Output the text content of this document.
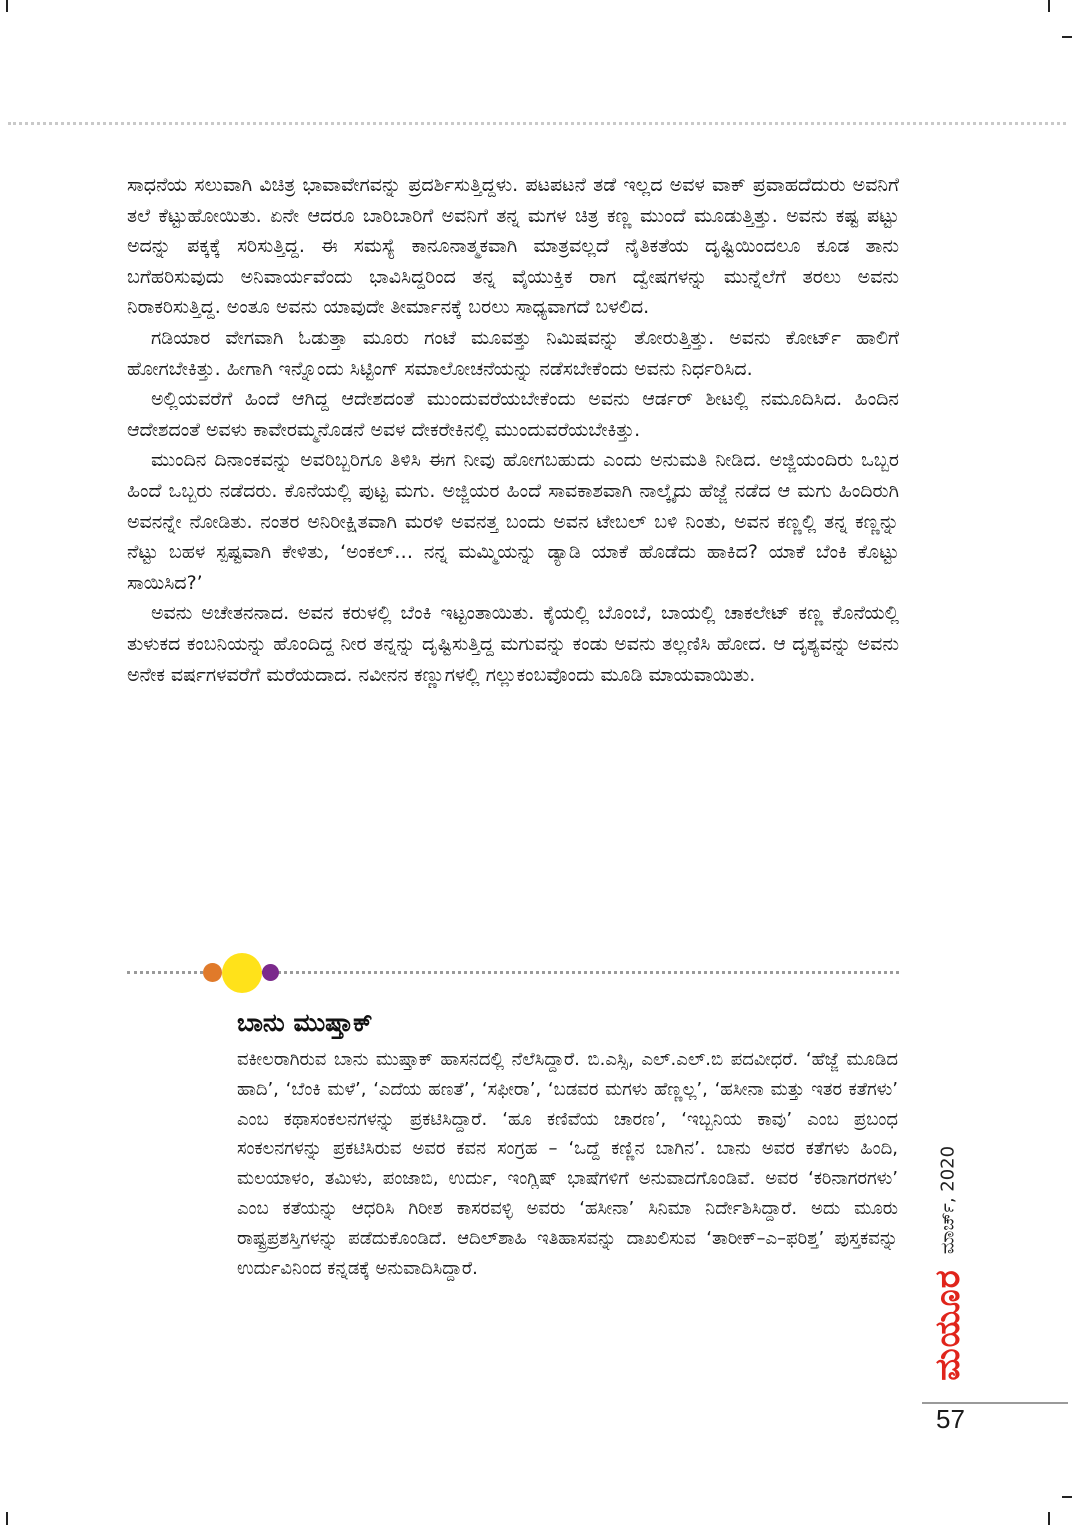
ಸಾಧನೆಯ ಸಲುವಾಗಿ ವಿಚಿತ್ರ ಭಾವಾವೇಗವನ್ನು ಪ್ರದರ್ಶಿಸುತ್ತಿದ್ದಳು. ಪಟಪಟನೆ ತಡೆ ಇಲ್ಲದ ಅವಳ ವಾಕ್ ಪ್ರವಾಹದೆದುರು ಅವನಿಗೆ ತಲೆ ಕೆಟ್ಟುಹೋಯಿತು. ಏನೇ ಆದರೂ ಬಾರಿಬಾರಿಗೆ ಅವನಿಗೆ ತನ್ನ ಮಗಳ ಚಿತ್ರ ಕಣ್ಣ ಮುಂದೆ ಮೂಡುತ್ತಿತ್ತು. ಅವನು ಕಷ್ಟ ಪಟ್ಟು ಅದನ್ನು ಪಕ್ಕಕ್ಕೆ ಸರಿಸುತ್ತಿದ್ದ. ಈ ಸಮಸ್ಯೆ ಕಾನೂನಾತ್ಮಕವಾಗಿ ಮಾತ್ರವಲ್ಲದೆ ನೈತಿಕತೆಯ ದೃಷ್ಟಿಯಿಂದಲೂ ಕೂಡ ತಾನು ಬಗೆಹರಿಸುವುದು ಅನಿವಾರ್ಯವೆಂದು ಭಾವಿಸಿದ್ದರಿಂದ ತನ್ನ ವೈಯುಕ್ತಿಕ ರಾಗ ದ್ವೇಷಗಳನ್ನು ಮುನ್ನೆಲೆಗೆ ತರಲು ಅವನು ನಿರಾಕರಿಸುತ್ತಿದ್ದ. ಅಂತೂ ಅವನು ಯಾವುದೇ ತೀರ್ಮಾನಕ್ಕೆ ಬರಲು ಸಾಧ್ಯವಾಗದೆ ಬಳಲಿದ.

ಗಡಿಯಾರ ವೇಗವಾಗಿ ಓಡುತ್ತಾ ಮೂರು ಗಂಟೆ ಮೂವತ್ತು ನಿಮಿಷವನ್ನು ತೋರುತ್ತಿತ್ತು. ಅವನು ಕೋರ್ಟ್ ಹಾಲಿಗೆ ಹೋಗಬೇಕಿತ್ತು. ಹೀಗಾಗಿ ಇನ್ನೊಂದು ಸಿಟ್ಟಿಂಗ್ ಸಮಾಲೋಚನೆಯನ್ನು ನಡೆಸಬೇಕೆಂದು ಅವನು ನಿರ್ಧರಿಸಿದ.

ಅಲ್ಲಿಯವರೆಗೆ ಹಿಂದೆ ಆಗಿದ್ದ ಆದೇಶದಂತೆ ಮುಂದುವರೆಯಬೇಕೆಂದು ಅವನು ಆರ್ಡರ್ ಶೀಟಲ್ಲಿ ನಮೂದಿಸಿದ. ಹಿಂದಿನ ಆದೇಶದಂತೆ ಅವಳು ಕಾವೇರಮ್ಮನೊಡನೆ ಅವಳ ದೇಕರೇಕಿನಲ್ಲಿ ಮುಂದುವರೆಯಬೇಕಿತ್ತು.

ಮುಂದಿನ ದಿನಾಂಕವನ್ನು ಅವರಿಬ್ಬರಿಗೂ ತಿಳಿಸಿ ಈಗ ನೀವು ಹೋಗಬಹುದು ಎಂದು ಅನುಮತಿ ನೀಡಿದ. ಅಜ್ಜಿಯಂದಿರು ಒಬ್ಬರ ಹಿಂದೆ ಒಬ್ಬರು ನಡೆದರು. ಕೊನೆಯಲ್ಲಿ ಪುಟ್ಟ ಮಗು. ಅಜ್ಜಿಯರ ಹಿಂದೆ ಸಾವಕಾಶವಾಗಿ ನಾಲ್ಕೈದು ಹೆಜ್ಜೆ ನಡೆದ ಆ ಮಗು ಹಿಂದಿರುಗಿ ಅವನನ್ನೇ ನೋಡಿತು. ನಂತರ ಅನಿರೀಕ್ಷಿತವಾಗಿ ಮರಳಿ ಅವನತ್ತ ಬಂದು ಅವನ ಟೇಬಲ್ ಬಳಿ ನಿಂತು, ಅವನ ಕಣ್ಣಲ್ಲಿ ತನ್ನ ಕಣ್ಣನ್ನು ನೆಟ್ಟು ಬಹಳ ಸ್ಪಷ್ಟವಾಗಿ ಕೇಳಿತು, ‘ಅಂಕಲ್… ನನ್ನ ಮಮ್ಮಿಯನ್ನು ಡ್ಯಾಡಿ ಯಾಕೆ ಹೊಡೆದು ಹಾಕಿದ? ಯಾಕೆ ಬೆಂಕಿ ಕೊಟ್ಟು ಸಾಯಿಸಿದ?’

ಅವನು ಅಚೇತನನಾದ. ಅವನ ಕರುಳಲ್ಲಿ ಬೆಂಕಿ ಇಟ್ಟಂತಾಯಿತು. ಕೈಯಲ್ಲಿ ಬೊಂಬೆ, ಬಾಯಲ್ಲಿ ಚಾಕಲೇಟ್ ಕಣ್ಣ ಕೊನೆಯಲ್ಲಿ ತುಳುಕದ ಕಂಬನಿಯನ್ನು ಹೊಂದಿದ್ದ ನೀರ ತನ್ನನ್ನು ದೃಷ್ಟಿಸುತ್ತಿದ್ದ ಮಗುವನ್ನು ಕಂಡು ಅವನು ತಲ್ಲಣಿಸಿ ಹೋದ. ಆ ದೃಶ್ಯವನ್ನು ಅವನು ಅನೇಕ ವರ್ಷಗಳವರೆಗೆ ಮರೆಯದಾದ. ನವೀನನ ಕಣ್ಣುಗಳಲ್ಲಿ ಗಲ್ಲುಕಂಬವೊಂದು ಮೂಡಿ ಮಾಯವಾಯಿತು.

ಬಾನು ಮುಷ್ತಾಕ್
ವಕೀಲರಾಗಿರುವ ಬಾನು ಮುಷ್ತಾಕ್ ಹಾಸನದಲ್ಲಿ ನೆಲೆಸಿದ್ದಾರೆ. ಬಿ.ಎಸ್ಸಿ, ಎಲ್.ಎಲ್.ಬಿ ಪದವೀಧರೆ. ‘ಹೆಜ್ಜೆ ಮೂಡಿದ ಹಾದಿ’, ‘ಬೆಂಕಿ ಮಳೆ’, ‘ಎದೆಯ ಹಣತೆ’, ‘ಸಫೀರಾ’, ‘ಬಡವರ ಮಗಳು ಹೆಣ್ಣಲ್ಲ’, ‘ಹಸೀನಾ ಮತ್ತು ಇತರ ಕತೆಗಳು’ ಎಂಬ ಕಥಾಸಂಕಲನಗಳನ್ನು ಪ್ರಕಟಿಸಿದ್ದಾರೆ. ‘ಹೂ ಕಣಿವೆಯ ಚಾರಣ’, ‘ಇಬ್ಬನಿಯ ಕಾವು’ ಎಂಬ ಪ್ರಬಂಧ ಸಂಕಲನಗಳನ್ನು ಪ್ರಕಟಿಸಿರುವ ಅವರ ಕವನ ಸಂಗ್ರಹ – ‘ಒದ್ದೆ ಕಣ್ಣಿನ ಬಾಗಿನ’. ಬಾನು ಅವರ ಕತೆಗಳು ಹಿಂದಿ, ಮಲಯಾಳಂ, ತಮಿಳು, ಪಂಜಾಬಿ, ಉರ್ದು, ಇಂಗ್ಲಿಷ್ ಭಾಷೆಗಳಿಗೆ ಅನುವಾದಗೊಂಡಿವೆ. ಅವರ ‘ಕರಿನಾಗರಗಳು’ ಎಂಬ ಕತೆಯನ್ನು ಆಧರಿಸಿ ಗಿರೀಶ ಕಾಸರವಳ್ಳಿ ಅವರು ‘ಹಸೀನಾ’ ಸಿನಿಮಾ ನಿರ್ದೇಶಿಸಿದ್ದಾರೆ. ಅದು ಮೂರು ರಾಷ್ಟ್ರಪ್ರಶಸ್ತಿಗಳನ್ನು ಪಡೆದುಕೊಂಡಿದೆ. ಆದಿಲ್‌ಶಾಹಿ ಇತಿಹಾಸವನ್ನು ದಾಖಲಿಸುವ ‘ತಾರೀಕ್–ಎ–ಫರಿಶ್ತ’ ಪುಸ್ತಕವನ್ನು ಉರ್ದುವಿನಿಂದ ಕನ್ನಡಕ್ಕೆ ಅನುವಾದಿಸಿದ್ದಾರೆ.
ಮಾರ್ಚ್, 2020
ಮಯೂರ
57
